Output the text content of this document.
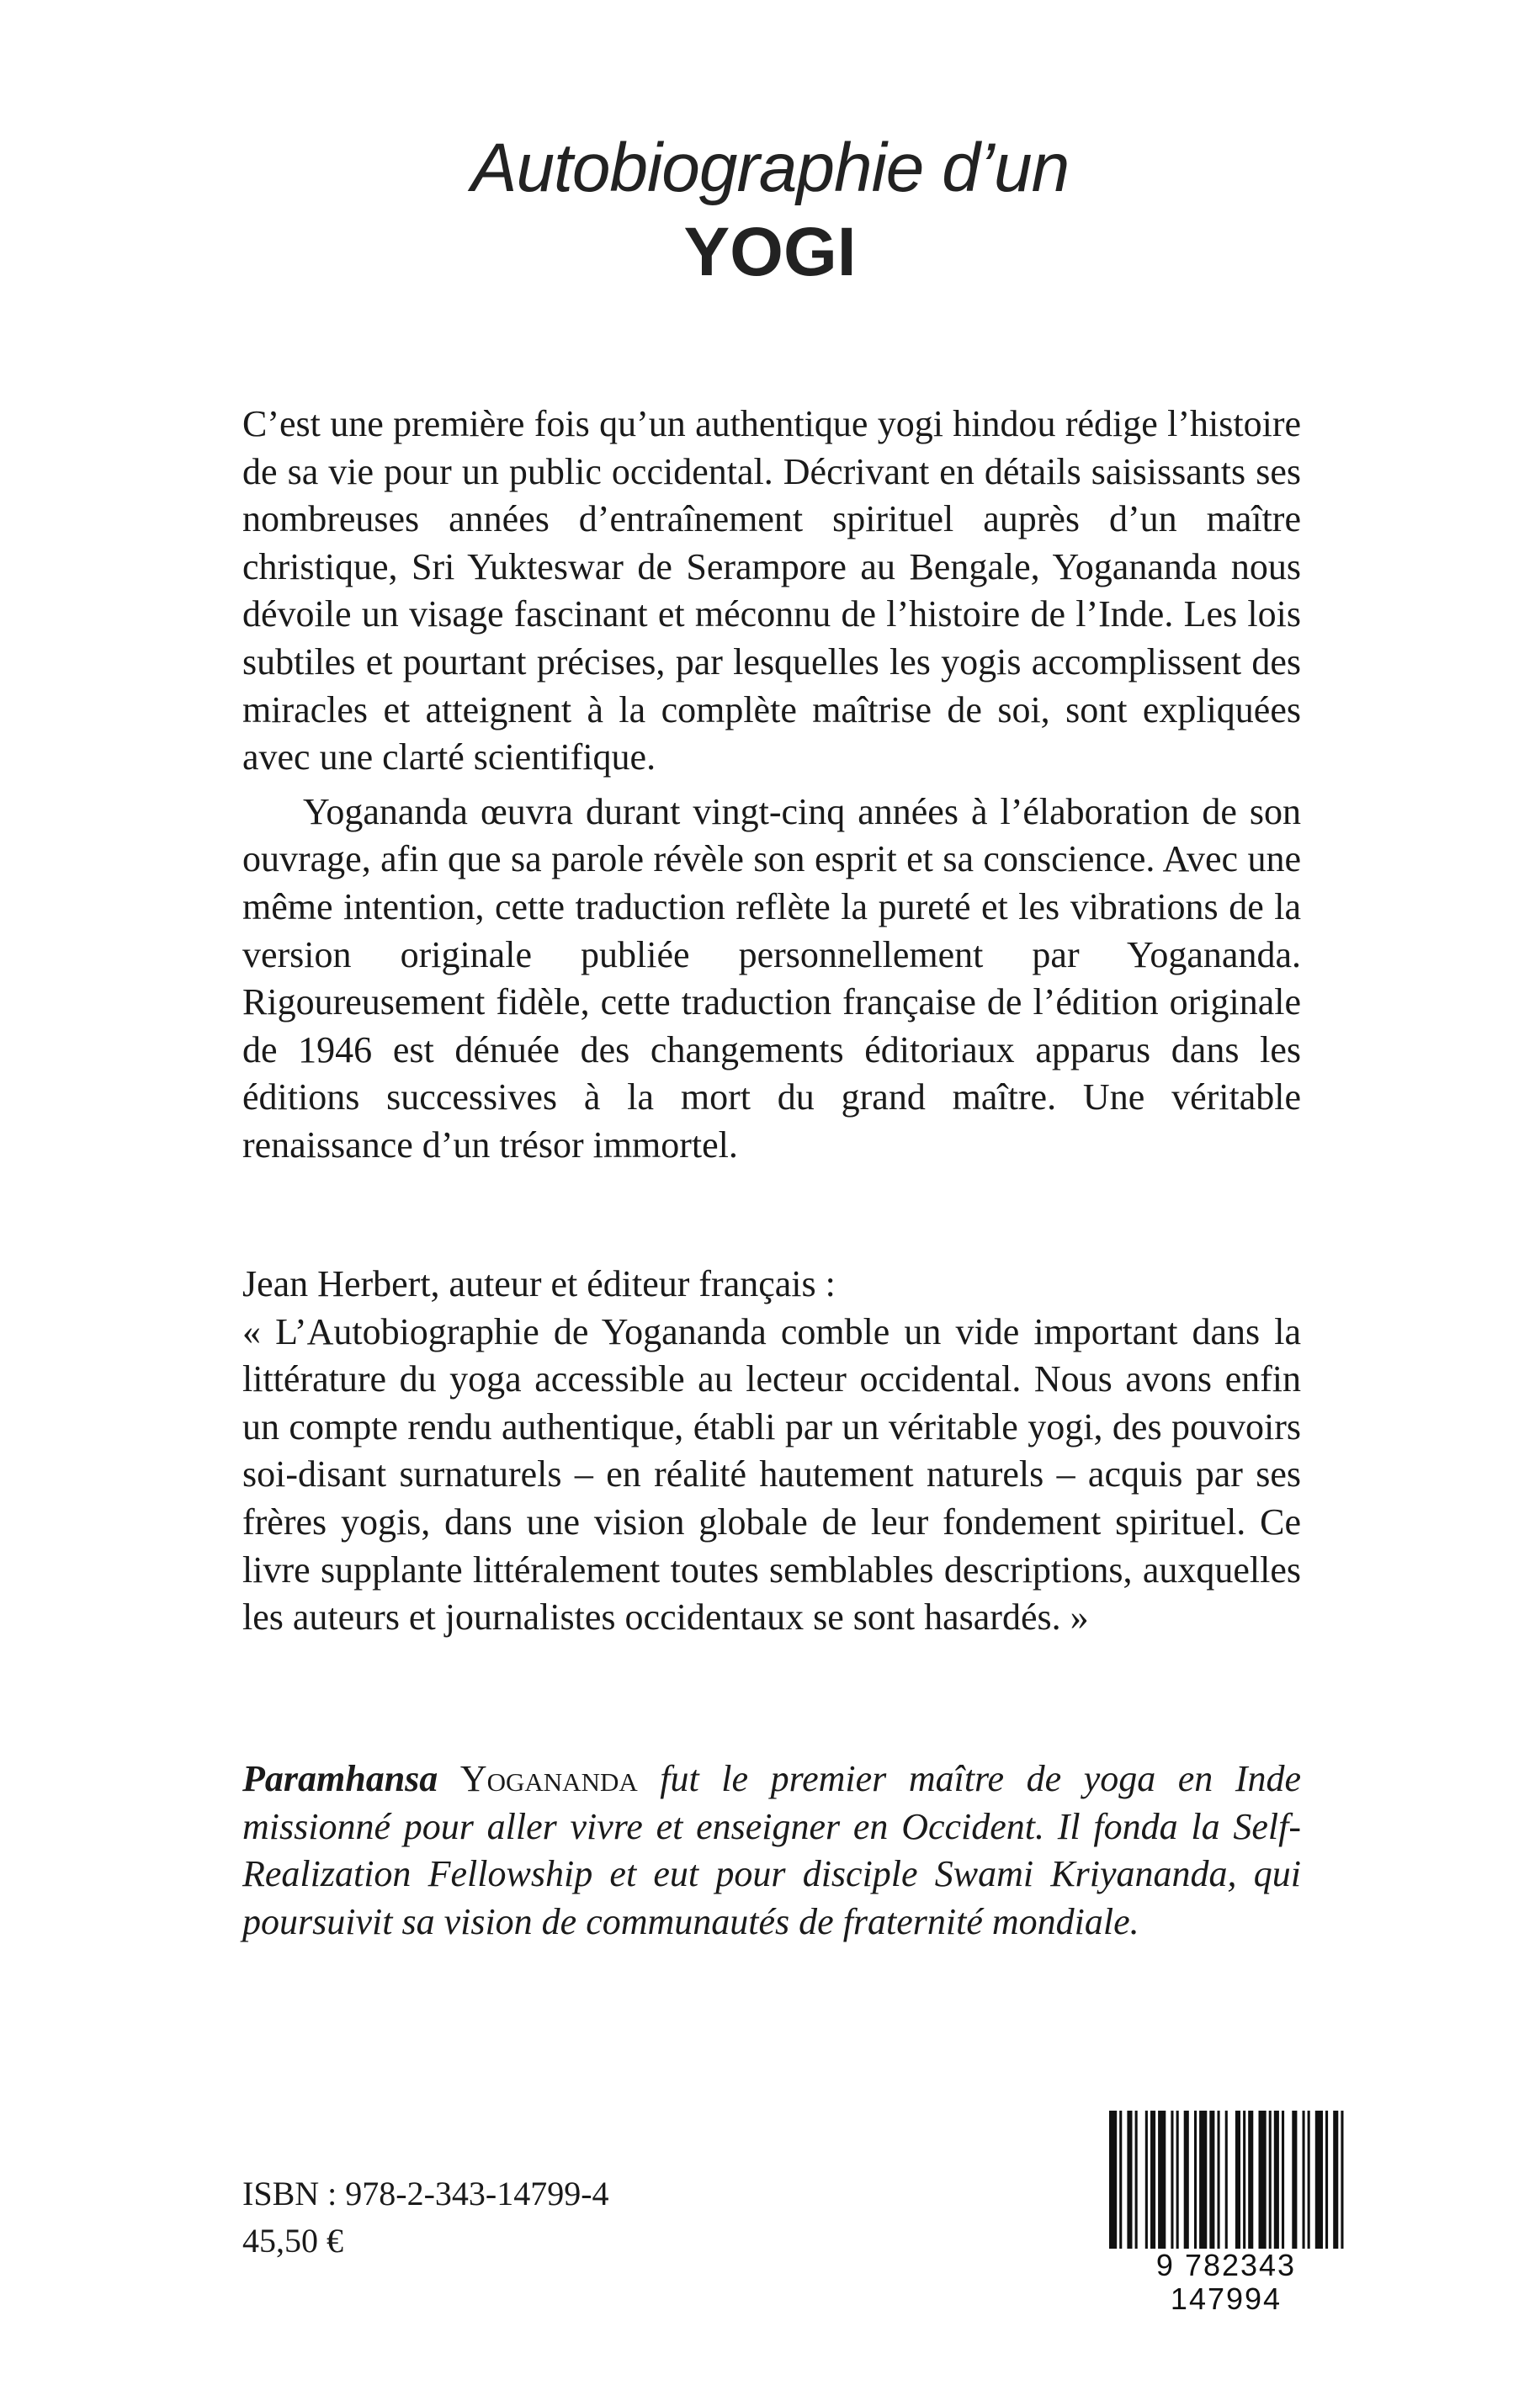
Autobiographie d’un
YOGI

C’est une première fois qu’un authentique yogi hindou rédige l’histoire de sa vie pour un public occidental. Décrivant en détails saisissants ses nombreuses années d’entraînement spirituel auprès d’un maître christique, Sri Yukteswar de Serampore au Bengale, Yogananda nous dévoile un visage fascinant et méconnu de l’histoire de l’Inde. Les lois subtiles et pourtant précises, par lesquelles les yogis accomplissent des miracles et atteignent à la complète maîtrise de soi, sont expliquées avec une clarté scientifique.

Yogananda œuvra durant vingt-cinq années à l’élaboration de son ouvrage, afin que sa parole révèle son esprit et sa conscience. Avec une même intention, cette traduction reflète la pureté et les vibrations de la version originale publiée personnellement par Yogananda. Rigoureusement fidèle, cette traduction française de l’édition originale de 1946 est dénuée des changements éditoriaux apparus dans les éditions successives à la mort du grand maître. Une véritable renaissance d’un trésor immortel.

Jean Herbert, auteur et éditeur français :

« L’Autobiographie de Yogananda comble un vide important dans la littérature du yoga accessible au lecteur occidental. Nous avons enfin un compte rendu authentique, établi par un véritable yogi, des pouvoirs soi-disant surnaturels – en réalité hautement naturels – acquis par ses frères yogis, dans une vision globale de leur fondement spirituel. Ce livre supplante littéralement toutes semblables descriptions, auxquelles les auteurs et journalistes occidentaux se sont hasardés. »

Paramhansa Yogananda fut le premier maître de yoga en Inde missionné pour aller vivre et enseigner en Occident. Il fonda la Self-Realization Fellowship et eut pour disciple Swami Kriyananda, qui poursuivit sa vision de communautés de fraternité mondiale.

ISBN : 978-2-343-14799-4
45,50 €
9 782343 147994
